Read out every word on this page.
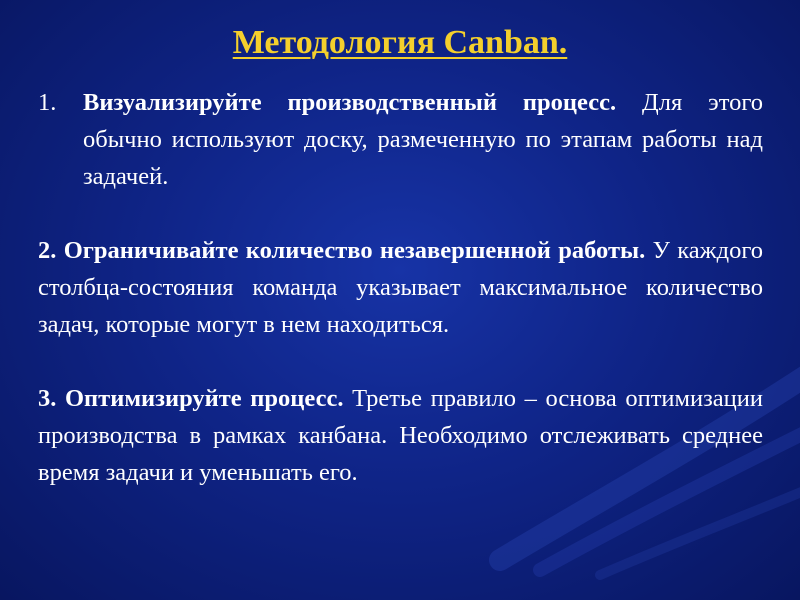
Методология Canban.

1. Визуализируйте производственный процесс. Для этого обычно используют доску, размеченную по этапам работы над задачей.

2. Ограничивайте количество незавершенной работы. У каждого столбца-состояния команда указывает максимальное количество задач, которые могут в нем находиться.

3. Оптимизируйте процесс. Третье правило – основа оптимизации производства в рамках канбана. Необходимо отслеживать среднее время задачи и уменьшать его.
